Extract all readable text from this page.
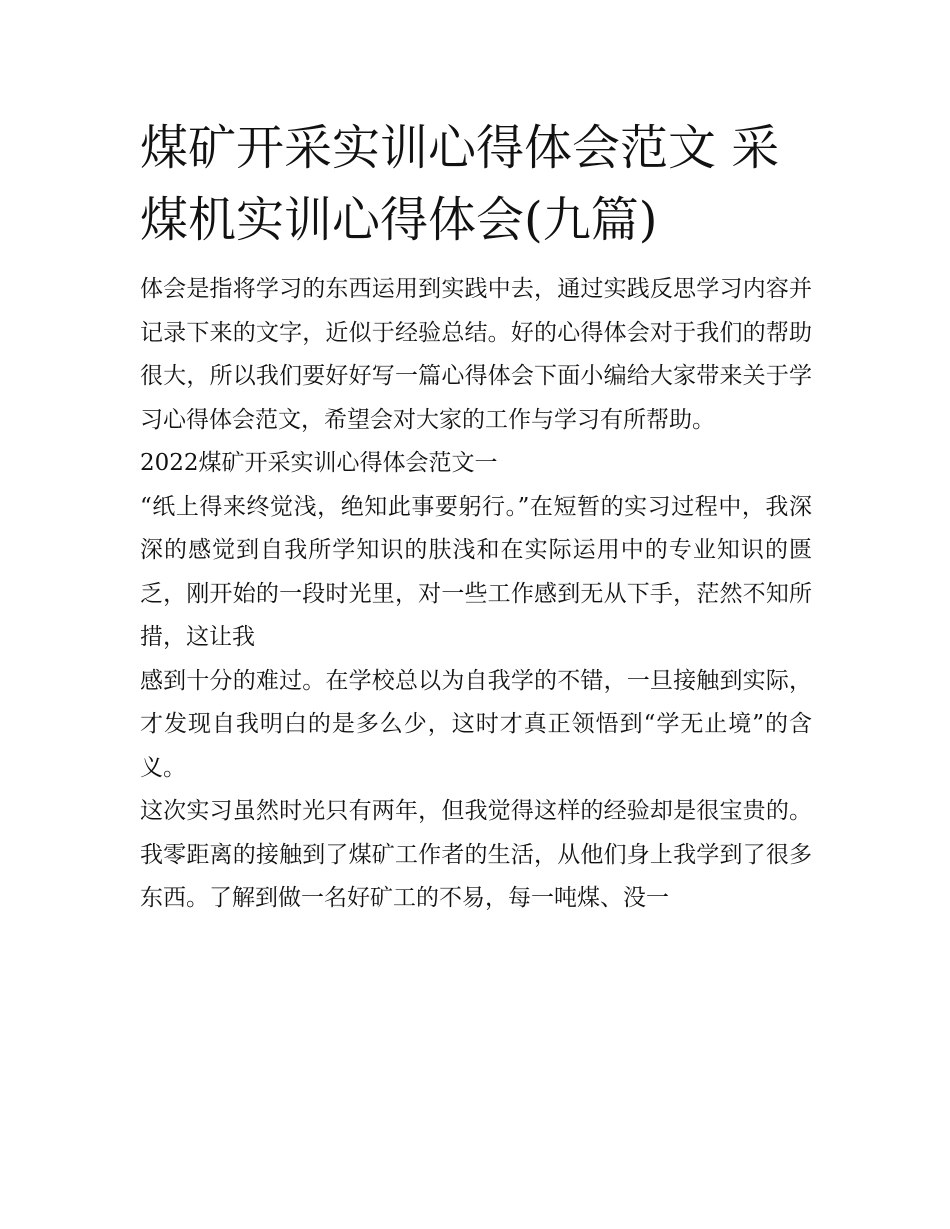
煤矿开采实训心得体会范文 采煤机实训心得体会(九篇)

体会是指将学习的东西运用到实践中去，通过实践反思学习内容并记录下来的文字，近似于经验总结。好的心得体会对于我们的帮助很大，所以我们要好好写一篇心得体会下面小编给大家带来关于学习心得体会范文，希望会对大家的工作与学习有所帮助。

2022煤矿开采实训心得体会范文一

“纸上得来终觉浅，绝知此事要躬行。”在短暂的实习过程中，我深深的感觉到自我所学知识的肤浅和在实际运用中的专业知识的匮乏，刚开始的一段时光里，对一些工作感到无从下手，茫然不知所措，这让我

感到十分的难过。在学校总以为自我学的不错，一旦接触到实际，才发现自我明白的是多么少，这时才真正领悟到“学无止境”的含义。

这次实习虽然时光只有两年，但我觉得这样的经验却是很宝贵的。我零距离的接触到了煤矿工作者的生活，从他们身上我学到了很多东西。了解到做一名好矿工的不易，每一吨煤、没一
